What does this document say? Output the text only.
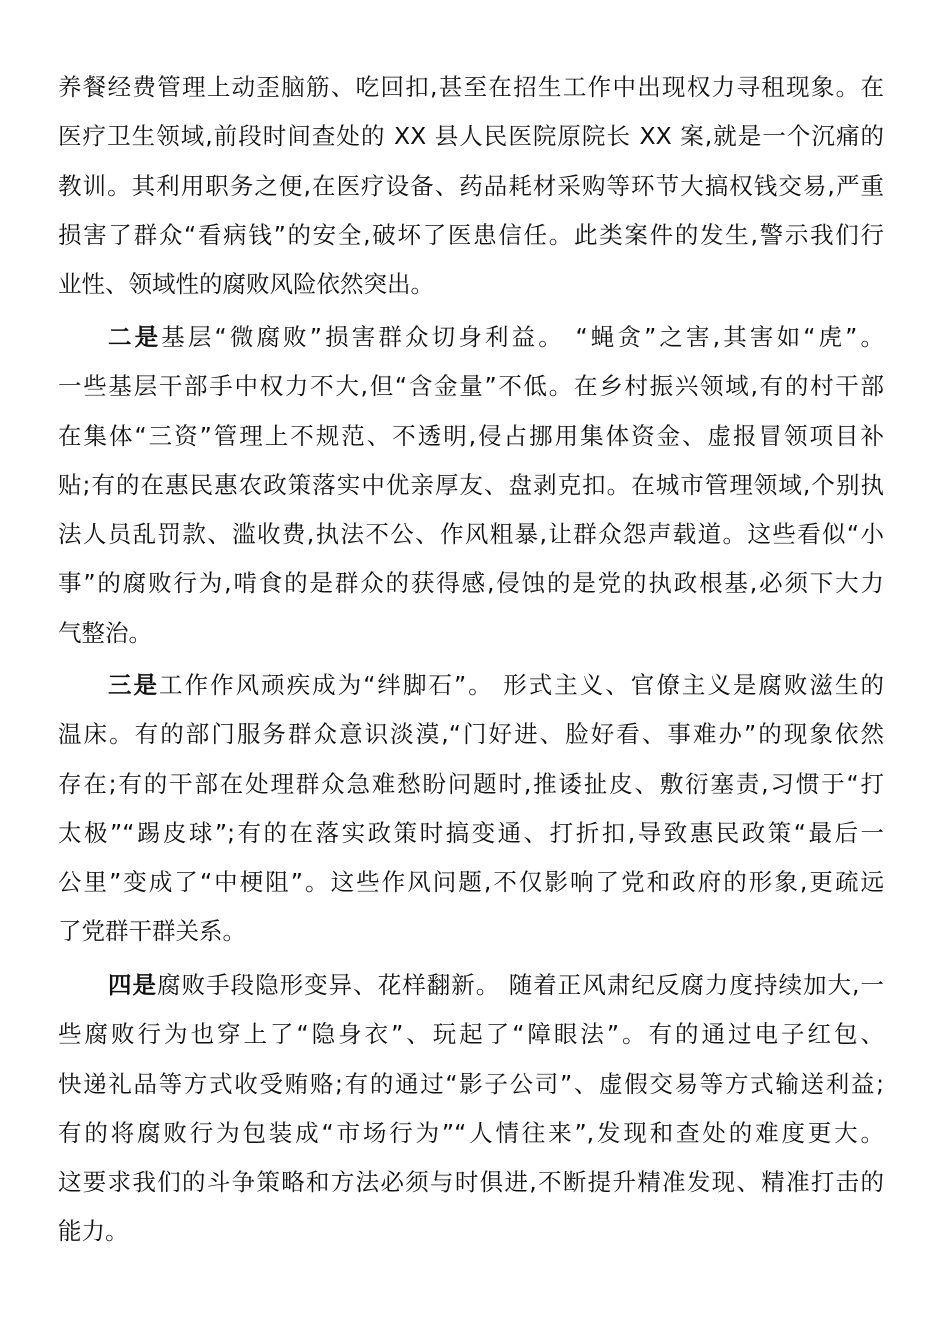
养餐经费管理上动歪脑筋、吃回扣,甚至在招生工作中出现权力寻租现象。在
医疗卫生领域,前段时间查处的 XX 县人民医院原院长 XX 案,就是一个沉痛的
教训。其利用职务之便,在医疗设备、药品耗材采购等环节大搞权钱交易,严重
损害了群众“看病钱”的安全,破坏了医患信任。此类案件的发生,警示我们行
业性、领域性的腐败风险依然突出。
二是基层“微腐败”损害群众切身利益。 “蝇贪”之害,其害如“虎”。
一些基层干部手中权力不大,但“含金量”不低。在乡村振兴领域,有的村干部
在集体“三资”管理上不规范、不透明,侵占挪用集体资金、虚报冒领项目补
贴;有的在惠民惠农政策落实中优亲厚友、盘剥克扣。在城市管理领域,个别执
法人员乱罚款、滥收费,执法不公、作风粗暴,让群众怨声载道。这些看似“小
事”的腐败行为,啃食的是群众的获得感,侵蚀的是党的执政根基,必须下大力
气整治。
三是工作作风顽疾成为“绊脚石”。 形式主义、官僚主义是腐败滋生的
温床。有的部门服务群众意识淡漠,“门好进、脸好看、事难办”的现象依然
存在;有的干部在处理群众急难愁盼问题时,推诿扯皮、敷衍塞责,习惯于“打
太极”“踢皮球”;有的在落实政策时搞变通、打折扣,导致惠民政策“最后一
公里”变成了“中梗阻”。这些作风问题,不仅影响了党和政府的形象,更疏远
了党群干群关系。
四是腐败手段隐形变异、花样翻新。 随着正风肃纪反腐力度持续加大,一
些腐败行为也穿上了“隐身衣”、玩起了“障眼法”。有的通过电子红包、
快递礼品等方式收受贿赂;有的通过“影子公司”、虚假交易等方式输送利益;
有的将腐败行为包装成“市场行为”“人情往来”,发现和查处的难度更大。
这要求我们的斗争策略和方法必须与时俱进,不断提升精准发现、精准打击的
能力。
